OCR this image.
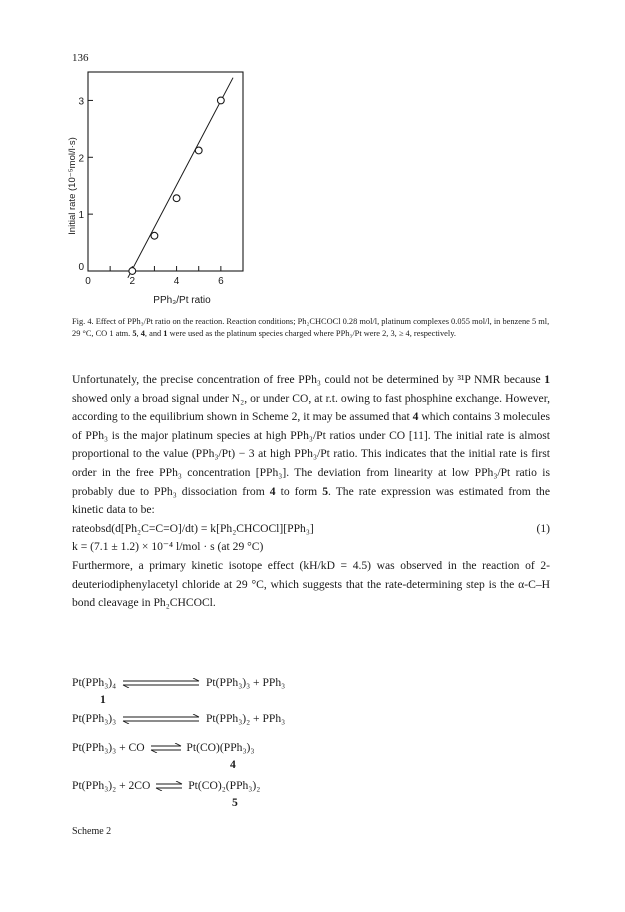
136
0	2	4	6
0
1
2
3
PPh₃/Pt ratio
Initial rate (10⁻⁵mol/l·s)
Fig. 4. Effect of PPh₃/Pt ratio on the reaction. Reaction conditions; Ph₂CHCOCl 0.28 mol/l, platinum complexes 0.055 mol/l, in benzene 5 ml, 29 °C, CO 1 atm. 5, 4, and 1 were used as the platinum species charged where PPh₃/Pt were 2, 3, ≥ 4, respectively.

Unfortunately, the precise concentration of free PPh₃ could not be determined by ³¹P NMR because 1 showed only a broad signal under N₂, or under CO, at r.t. owing to fast phosphine exchange. However, according to the equilibrium shown in Scheme 2, it may be assumed that 4 which contains 3 molecules of PPh₃ is the major platinum species at high PPh₃/Pt ratios under CO [11]. The initial rate is almost proportional to the value (PPh₃/Pt) − 3 at high PPh₃/Pt ratio. This indicates that the initial rate is first order in the free PPh₃ concentration [PPh₃]. The deviation from linearity at low PPh₃/Pt ratio is probably due to PPh₃ dissociation from 4 to form 5. The rate expression was estimated from the kinetic data to be:

rateobsd(d[Ph₂C=C=O]/dt) = k[Ph₂CHCOCl][PPh₃]	(1)

k = (7.1 ± 1.2) × 10⁻⁴ l/mol · s (at 29 °C)

Furthermore, a primary kinetic isotope effect (kH/kD = 4.5) was observed in the reaction of 2-deuteriodiphenylacetyl chloride at 29 °C, which suggests that the rate-determining step is the α-C–H bond cleavage in Ph₂CHCOCl.

Pt(PPh₃)₄	Pt(PPh₃)₃ + PPh₃
1
Pt(PPh₃)₃	Pt(PPh₃)₂ + PPh₃
Pt(PPh₃)₃ + CO ⇌ Pt(CO)(PPh₃)₃
4
Pt(PPh₃)₂ + 2CO ⇌ Pt(CO)₂(PPh₃)₂
5
Scheme 2
